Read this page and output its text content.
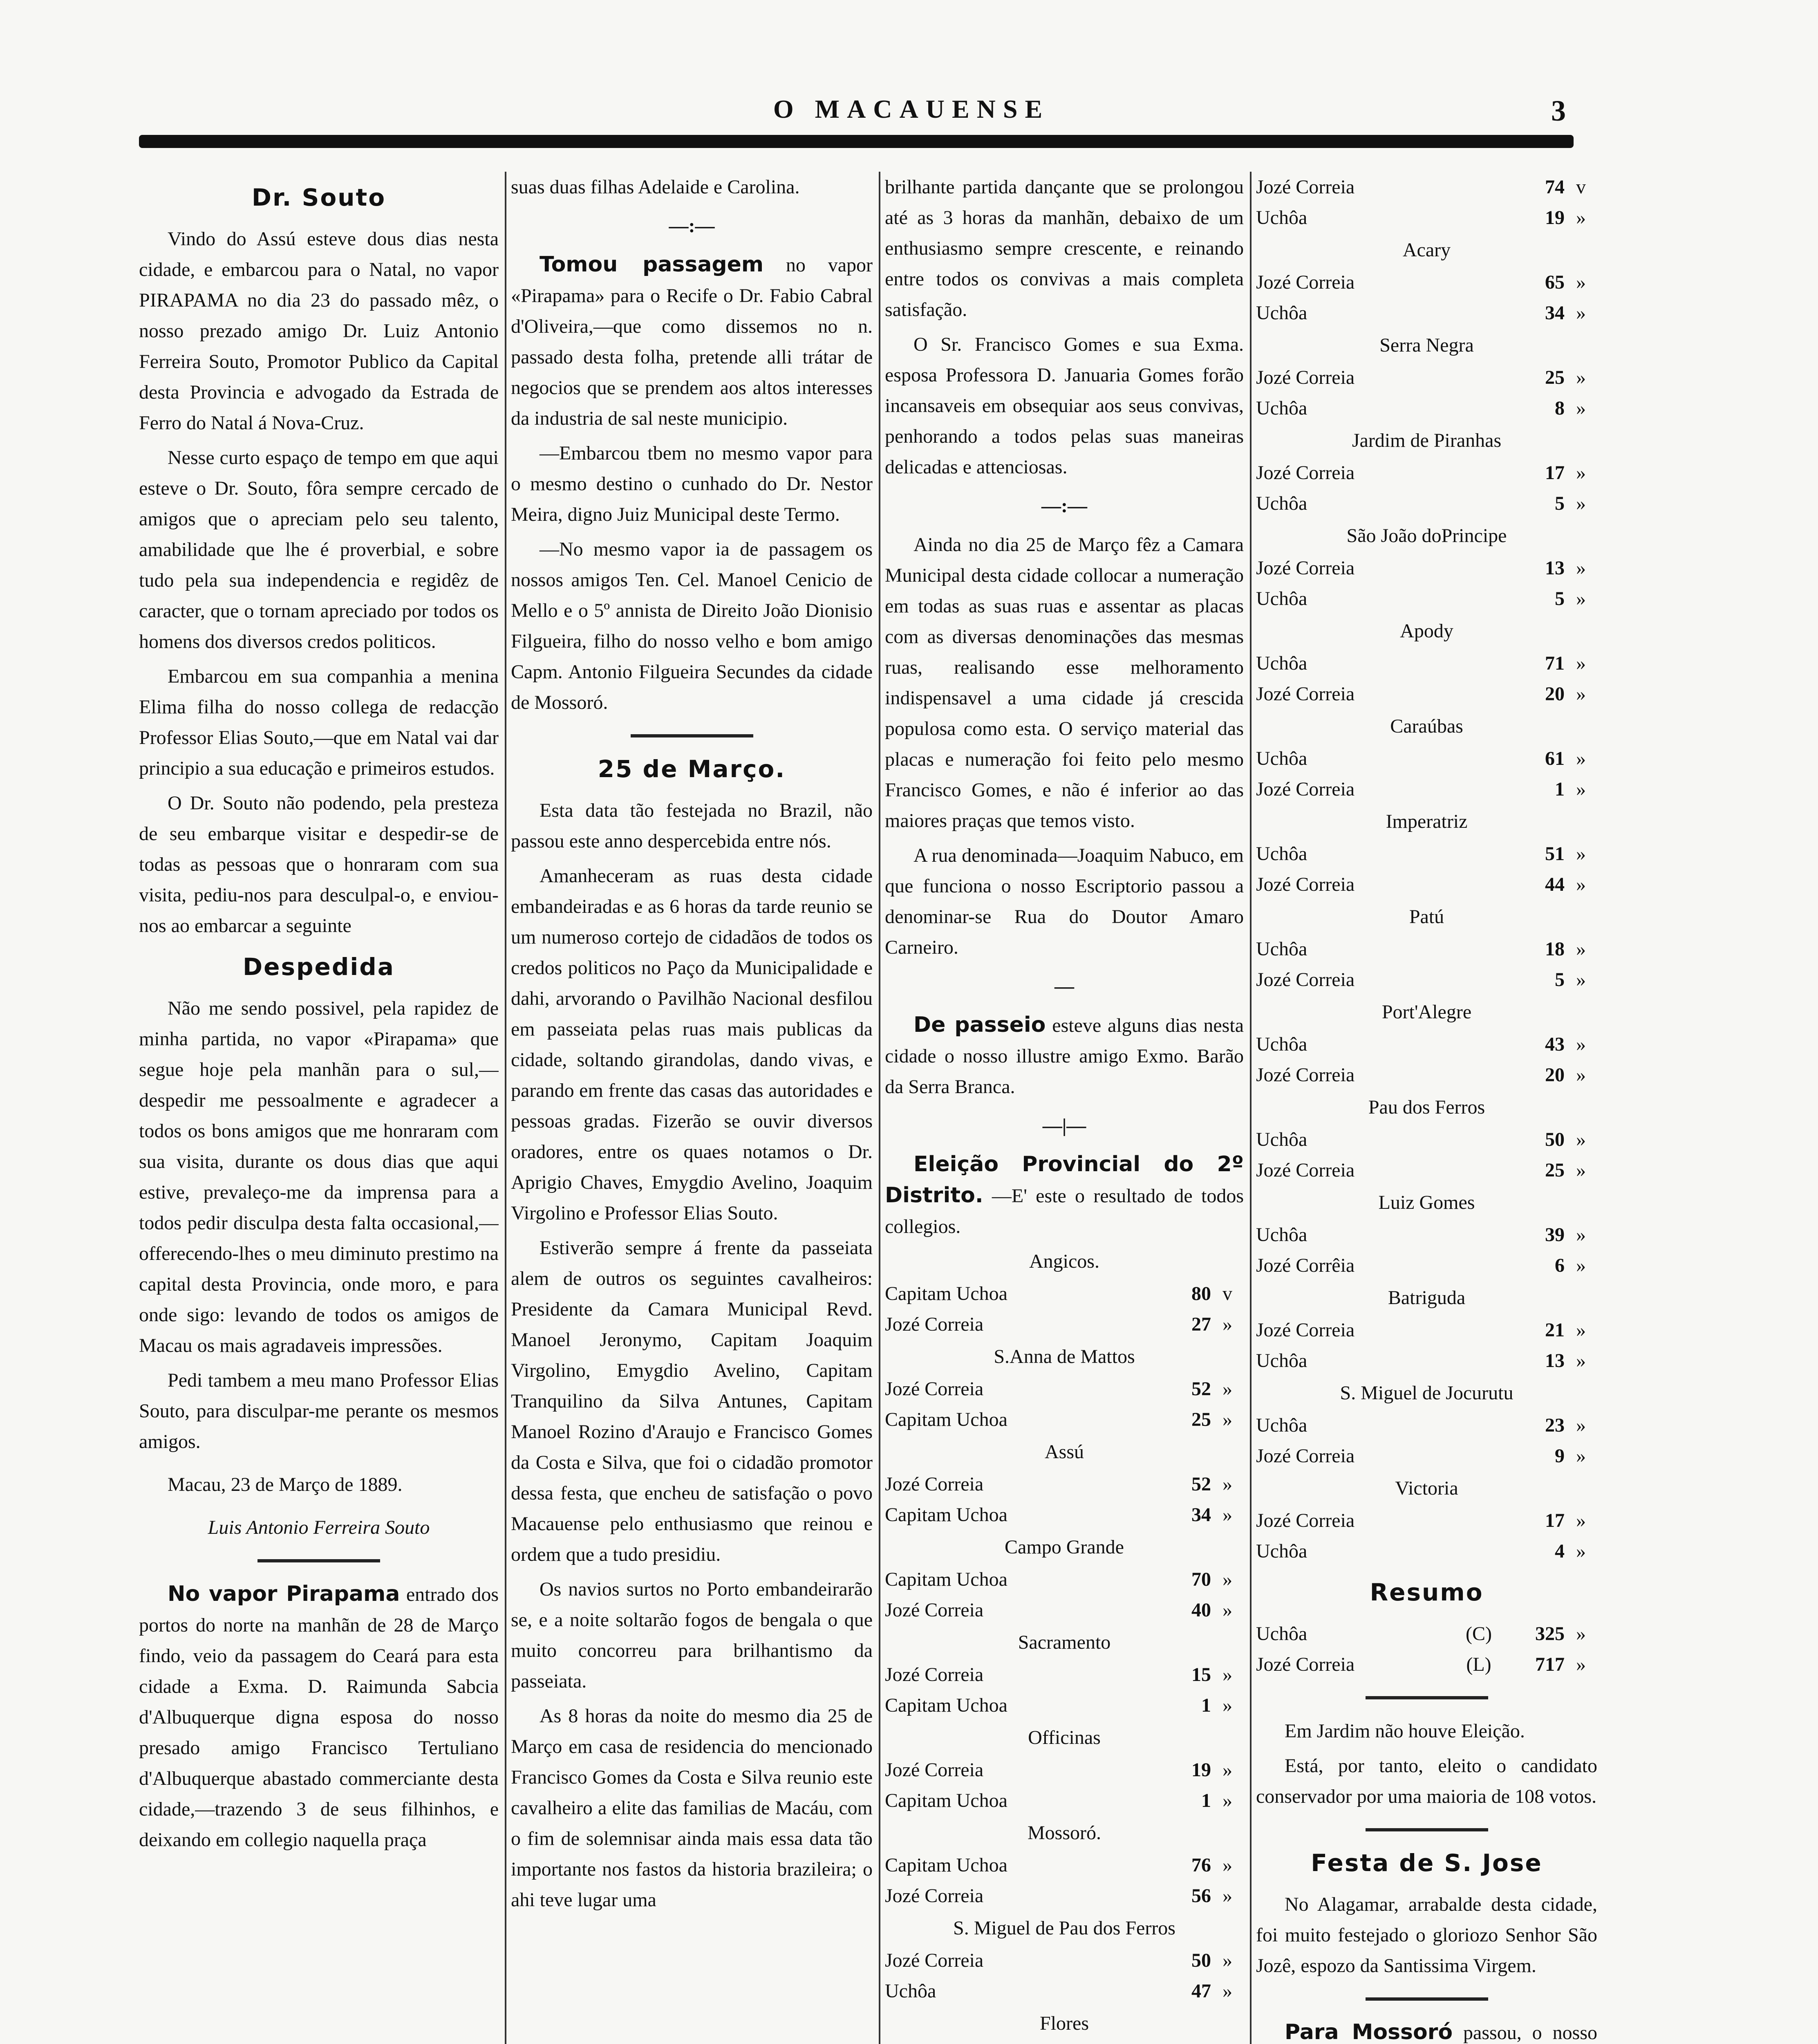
O MACAUENSE	3
Dr. Souto

Vindo do Assú esteve dous dias nesta cidade, e embarcou para o Natal, no vapor PIRAPAMA no dia 23 do passado mêz, o nosso prezado amigo Dr. Luiz Antonio Ferreira Souto, Promotor Publico da Capital desta Provincia e advogado da Estrada de Ferro do Natal á Nova-Cruz.

Nesse curto espaço de tempo em que aqui esteve o Dr. Souto, fôra sempre cercado de amigos que o apreciam pelo seu talento, amabilidade que lhe é proverbial, e sobre tudo pela sua independencia e regidêz de caracter, que o tornam apreciado por todos os homens dos diversos credos politicos.

Embarcou em sua companhia a menina Elima filha do nosso collega de redacção Professor Elias Souto,—que em Natal vai dar principio a sua educação e primeiros estudos.

O Dr. Souto não podendo, pela presteza de seu embarque visitar e despedir-se de todas as pessoas que o honraram com sua visita, pediu-nos para desculpal-o, e enviou-nos ao embarcar a seguinte

Despedida

Não me sendo possivel, pela rapidez de minha partida, no vapor «Pirapama» que segue hoje pela manhãn para o sul,— despedir me pessoalmente e agradecer a todos os bons amigos que me honraram com sua visita, durante os dous dias que aqui estive, prevaleço-me da imprensa para a todos pedir disculpa desta falta occasional,— offerecendo-lhes o meu diminuto prestimo na capital desta Provincia, onde moro, e para onde sigo: levando de todos os amigos de Macau os mais agradaveis impressões.

Pedi tambem a meu mano Professor Elias Souto, para disculpar-me perante os mesmos amigos.

Macau, 23 de Março de 1889.

Luis Antonio Ferreira Souto

No vapor Pirapama entrado dos portos do norte na manhãn de 28 de Março findo, veio da passagem do Ceará para esta cidade a Exma. D. Raimunda Sabcia d'Albuquerque digna esposa do nosso presado amigo Francisco Tertuliano d'Albuquerque abastado commerciante desta cidade,—trazendo 3 de seus filhinhos, e deixando em collegio naquella praça

suas duas filhas Adelaide e Carolina.

—:—

Tomou passagem no vapor «Pirapama» para o Recife o Dr. Fabio Cabral d'Oliveira,—que como dissemos no n. passado desta folha, pretende alli trátar de negocios que se prendem aos altos interesses da industria de sal neste municipio.

—Embarcou tbem no mesmo vapor para o mesmo destino o cunhado do Dr. Nestor Meira, digno Juiz Municipal deste Termo.

—No mesmo vapor ia de passagem os nossos amigos Ten. Cel. Manoel Cenicio de Mello e o 5º annista de Direito João Dionisio Filgueira, filho do nosso velho e bom amigo Capm. Antonio Filgueira Secundes da cidade de Mossoró.

25 de Março.

Esta data tão festejada no Brazil, não passou este anno despercebida entre nós.

Amanheceram as ruas desta cidade embandeiradas e as 6 horas da tarde reunio se um numeroso cortejo de cidadãos de todos os credos politicos no Paço da Municipalidade e dahi, arvorando o Pavilhão Nacional desfilou em passeiata pelas ruas mais publicas da cidade, soltando girandolas, dando vivas, e parando em frente das casas das autoridades e pessoas gradas. Fizerão se ouvir diversos oradores, entre os quaes notamos o Dr. Aprigio Chaves, Emygdio Avelino, Joaquim Virgolino e Professor Elias Souto.

Estiverão sempre á frente da passeiata alem de outros os seguintes cavalheiros: Presidente da Camara Municipal Revd. Manoel Jeronymo, Capitam Joaquim Virgolino, Emygdio Avelino, Capitam Tranquilino da Silva Antunes, Capitam Manoel Rozino d'Araujo e Francisco Gomes da Costa e Silva, que foi o cidadão promotor dessa festa, que encheu de satisfação o povo Macauense pelo enthusiasmo que reinou e ordem que a tudo presidiu.

Os navios surtos no Porto embandeirarão se, e a noite soltarão fogos de bengala o que muito concorreu para brilhantismo da passeiata.

As 8 horas da noite do mesmo dia 25 de Março em casa de residencia do mencionado Francisco Gomes da Costa e Silva reunio este cavalheiro a elite das familias de Macáu, com o fim de solemnisar ainda mais essa data tão importante nos fastos da historia brazileira; o ahi teve lugar uma

brilhante partida dançante que se prolongou até as 3 horas da manhãn, debaixo de um enthusiasmo sempre crescente, e reinando entre todos os convivas a mais completa satisfação.

O Sr. Francisco Gomes e sua Exma. esposa Professora D. Januaria Gomes forão incansaveis em obsequiar aos seus convivas, penhorando a todos pelas suas maneiras delicadas e attenciosas.

—:—

Ainda no dia 25 de Março fêz a Camara Municipal desta cidade collocar a numeração em todas as suas ruas e assentar as placas com as diversas denominações das mesmas ruas, realisando esse melhoramento indispensavel a uma cidade já crescida populosa como esta. O serviço material das placas e numeração foi feito pelo mesmo Francisco Gomes, e não é inferior ao das maiores praças que temos visto.

A rua denominada—Joaquim Nabuco, em que funciona o nosso Escriptorio passou a denominar-se Rua do Doutor Amaro Carneiro.

—

De passeio esteve alguns dias nesta cidade o nosso illustre amigo Exmo. Barão da Serra Branca.

—|—

Eleição Provincial do 2º Distrito. —E' este o resultado de todos collegios.

Angicos.
Capitam Uchoa	80 v
Jozé Correia	27 »
S.Anna de Mattos
Jozé Correia	52 »
Capitam Uchoa	25 »
Assú
Jozé Correia	52 »
Capitam Uchoa	34 »
Campo Grande
Capitam Uchoa	70 »
Jozé Correia	40 »
Sacramento
Jozé Correia	15 »
Capitam Uchoa	1 »
Officinas
Jozé Correia	19 »
Capitam Uchoa	1 »
Mossoró.
Capitam Uchoa	76 »
Jozé Correia	56 »
S. Miguel de Pau dos Ferros
Jozé Correia	50 »
Uchôa	47 »
Flores
Jozé Correia	74 v
Uchôa	19 »
Acary
Jozé Correia	65 »
Uchôa	34 »
Serra Negra
Jozé Correia	25 »
Uchôa	8 »
Jardim de Piranhas
Jozé Correia	17 »
Uchôa	5 »
São João doPrincipe
Jozé Correia	13 »
Uchôa	5 »
Apody
Uchôa	71 »
Jozé Correia	20 »
Caraúbas
Uchôa	61 »
Jozé Correia	1 »
Imperatriz
Uchôa	51 »
Jozé Correia	44 »
Patú
Uchôa	18 »
Jozé Correia	5 »
Port'Alegre
Uchôa	43 »
Jozé Correia	20 »
Pau dos Ferros
Uchôa	50 »
Jozé Correia	25 »
Luiz Gomes
Uchôa	39 »
Jozé Corrêia	6 »
Batriguda
Jozé Correia	21 »
Uchôa	13 »
S. Miguel de Jocurutu
Uchôa	23 »
Jozé Correia	9 »
Victoria
Jozé Correia	17 »
Uchôa	4 »
Resumo
Uchôa	(C)	325 »
Jozé Correia	(L)	717 »

Em Jardim não houve Eleição.

Está, por tanto, eleito o candidato conservador por uma maioria de 108 votos.

Festa de S. Jose

No Alagamar, arrabalde desta cidade, foi muito festejado o gloriozo Senhor São Jozê, espozo da Santissima Virgem.

Para Mossoró passou, o nosso
